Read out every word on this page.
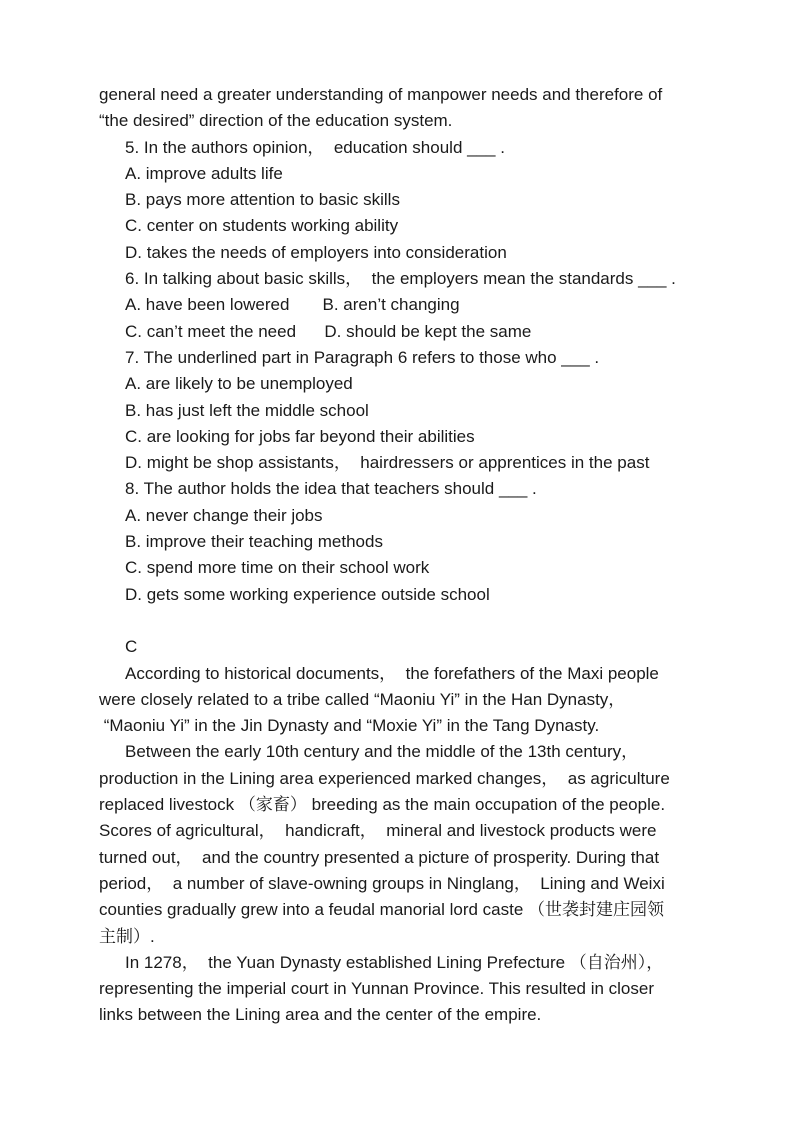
general need a greater understanding of manpower needs and therefore of
“the desired” direction of the education system.
5. In the authors opinion，  education should ___ .
A. improve adults life
B. pays more attention to basic skills
C. center on students working ability
D. takes the needs of employers into consideration
6. In talking about basic skills，  the employers mean the standards ___ .
A. have been lowered       B. aren’t changing
C. can’t meet the need      D. should be kept the same
7. The underlined part in Paragraph 6 refers to those who ___ .
A. are likely to be unemployed
B. has just left the middle school
C. are looking for jobs far beyond their abilities
D. might be shop assistants，  hairdressers or apprentices in the past
8. The author holds the idea that teachers should ___ .
A. never change their jobs
B. improve their teaching methods
C. spend more time on their school work
D. gets some working experience outside school
C
According to historical documents，  the forefathers of the Maxi people
were closely related to a tribe called “Maoniu Yi” in the Han Dynasty，
“Maoniu Yi” in the Jin Dynasty and “Moxie Yi” in the Tang Dynasty.
Between the early 10th century and the middle of the 13th century，
production in the Lining area experienced marked changes，  as agriculture
replaced livestock （家畜） breeding as the main occupation of the people.
Scores of agricultural，  handicraft，  mineral and livestock products were
turned out，  and the country presented a picture of prosperity. During that
period，  a number of slave-owning groups in Ninglang，  Lining and Weixi
counties gradually grew into a feudal manorial lord caste （世袭封建庄园领
主制）.
In 1278，  the Yuan Dynasty established Lining Prefecture （自治州），
representing the imperial court in Yunnan Province. This resulted in closer
links between the Lining area and the center of the empire.
